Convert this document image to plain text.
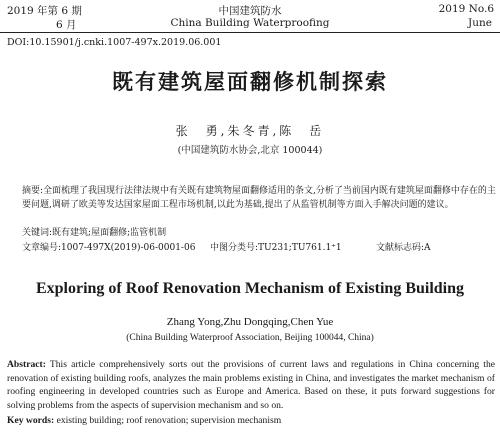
2019 年第 6 期
6 月
中国建筑防水
China Building Waterproofing
2019 No.6
June
DOI:10.15901/j.cnki.1007-497x.2019.06.001
既有建筑屋面翻修机制探索
张　勇,朱冬青,陈　岳
(中国建筑防水协会,北京 100044)
摘要:全面梳理了我国现行法律法规中有关既有建筑物屋面翻修适用的条文,分析了当前国内既有建筑屋面翻修中存在的主要问题,调研了欧美等发达国家屋面工程市场机制,以此为基础,提出了从监管机制等方面入手解决问题的建议。
关键词:既有建筑;屋面翻修;监管机制
文章编号:1007-497X(2019)-06-0001-06 中图分类号:TU231;TU761.1⁺1	文献标志码:A
Exploring of Roof Renovation Mechanism of Existing Building
Zhang Yong,Zhu Dongqing,Chen Yue
(China Building Waterproof Association, Beijing 100044, China)
Abstract: This article comprehensively sorts out the provisions of current laws and regulations in China concerning the renovation of existing building roofs, analyzes the main problems existing in China, and investigates the market mechanism of roofing engineering in developed countries such as Europe and America. Based on these, it puts forward suggestions for solving problems from the aspects of supervision mechanism and so on.
Key words: existing building; roof renovation; supervision mechanism
